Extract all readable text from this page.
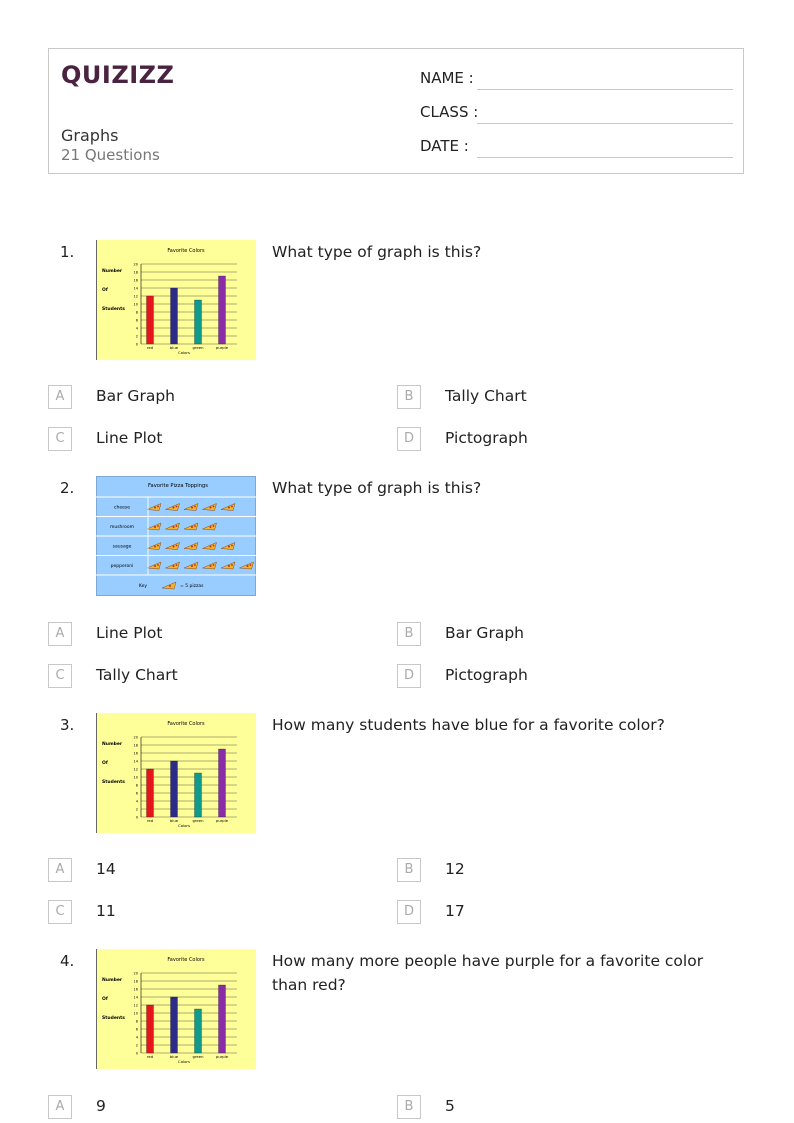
QUIZIZZ
Graphs
21 Questions
NAME :
CLASS :
DATE :
1.	Favorite Colors
Number
Of
Students
20
18
16
14
12
10
8
6
4
2
0
red	blue	green	purple
Colors
What type of graph is this?
A	Bar Graph	B	Tally Chart
C	Line Plot	D	Pictograph
2.	Favorite Pizza Toppings
cheese
mushroom
sausage
pepperoni
Key	= 5 pizzas
What type of graph is this?
A	Line Plot	B	Bar Graph
C	Tally Chart	D	Pictograph
3.	Favorite Colors
Number
Of
Students
20
18
16
14
12
10
8
6
4
2
0
red	blue	green	purple
Colors
How many students have blue for a favorite color?
A	14	B	12
C	11	D	17
4.	Favorite Colors
Number
Of
Students
20
18
16
14
12
10
8
6
4
2
0
red	blue	green	purple
Colors
How many more people have purple for a favorite color than red?
A	9	B	5
